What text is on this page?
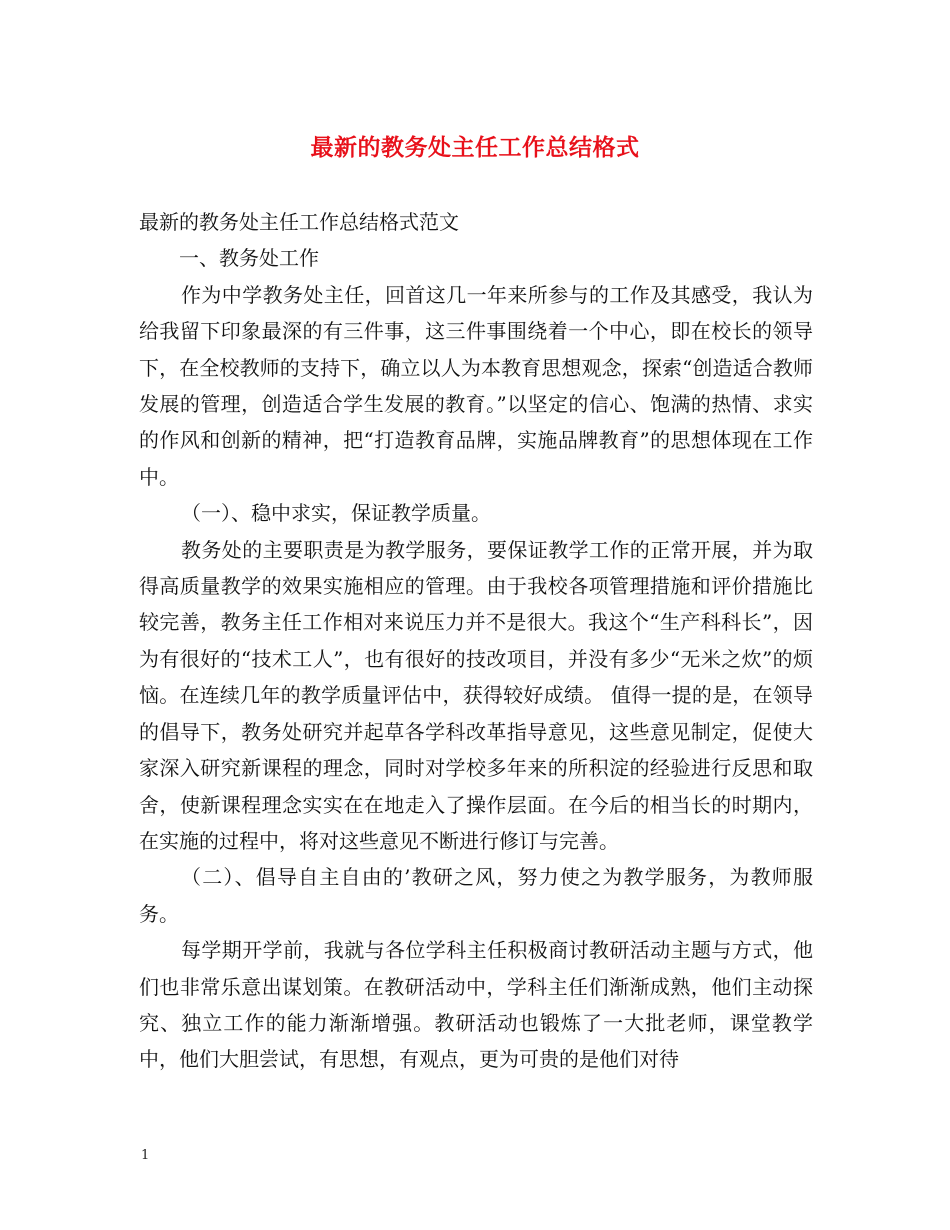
最新的教务处主任工作总结格式

最新的教务处主任工作总结格式范文

一、教务处工作

作为中学教务处主任，回首这几一年来所参与的工作及其感受，我认为给我留下印象最深的有三件事，这三件事围绕着一个中心，即在校长的领导下，在全校教师的支持下，确立以人为本教育思想观念，探索“创造适合教师发展的管理，创造适合学生发展的教育。”以坚定的信心、饱满的热情、求实的作风和创新的精神，把“打造教育品牌，实施品牌教育”的思想体现在工作中。

（一）、稳中求实，保证教学质量。

教务处的主要职责是为教学服务，要保证教学工作的正常开展，并为取得高质量教学的效果实施相应的管理。由于我校各项管理措施和评价措施比较完善，教务主任工作相对来说压力并不是很大。我这个“生产科科长”，因为有很好的“技术工人”，也有很好的技改项目，并没有多少“无米之炊”的烦恼。在连续几年的教学质量评估中，获得较好成绩。 值得一提的是，在领导的倡导下，教务处研究并起草各学科改革指导意见，这些意见制定，促使大家深入研究新课程的理念，同时对学校多年来的所积淀的经验进行反思和取舍，使新课程理念实实在在地走入了操作层面。在今后的相当长的时期内，在实施的过程中，将对这些意见不断进行修订与完善。

（二）、倡导自主自由的’教研之风，努力使之为教学服务，为教师服务。

每学期开学前，我就与各位学科主任积极商讨教研活动主题与方式，他们也非常乐意出谋划策。在教研活动中，学科主任们渐渐成熟，他们主动探究、独立工作的能力渐渐增强。教研活动也锻炼了一大批老师，课堂教学中，他们大胆尝试，有思想，有观点，更为可贵的是他们对待

1
